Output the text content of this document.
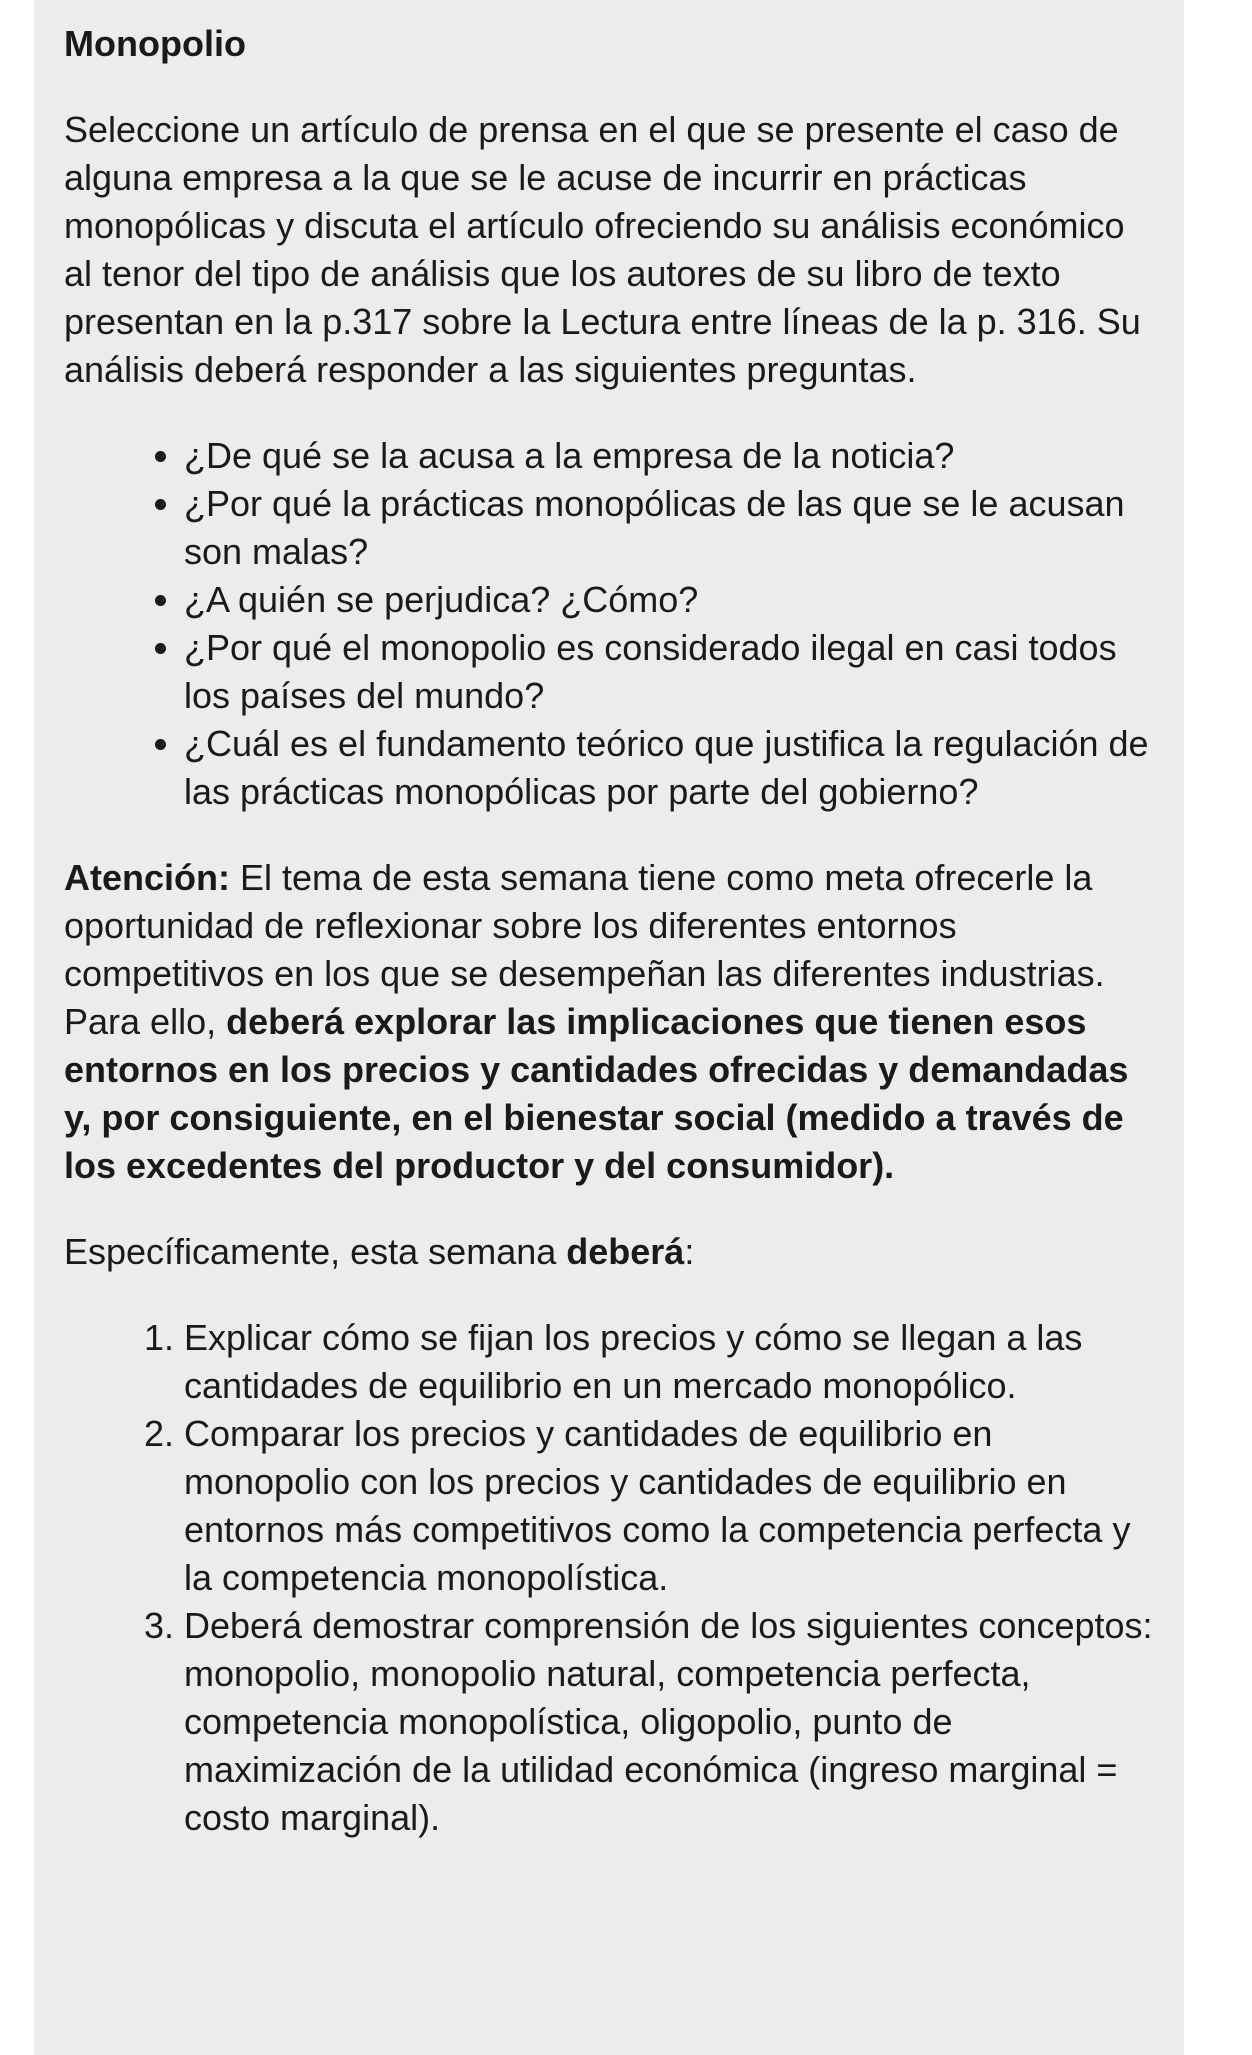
Monopolio

Seleccione un artículo de prensa en el que se presente el caso de alguna empresa a la que se le acuse de incurrir en prácticas monopólicas y discuta el artículo ofreciendo su análisis económico al tenor del tipo de análisis que los autores de su libro de texto presentan en la p.317 sobre la Lectura entre líneas de la p. 316. Su análisis deberá responder a las siguientes preguntas.

• ¿De qué se la acusa a la empresa de la noticia?
• ¿Por qué la prácticas monopólicas de las que se le acusan son malas?
• ¿A quién se perjudica? ¿Cómo?
• ¿Por qué el monopolio es considerado ilegal en casi todos los países del mundo?
• ¿Cuál es el fundamento teórico que justifica la regulación de las prácticas monopólicas por parte del gobierno?

Atención: El tema de esta semana tiene como meta ofrecerle la oportunidad de reflexionar sobre los diferentes entornos competitivos en los que se desempeñan las diferentes industrias. Para ello, deberá explorar las implicaciones que tienen esos entornos en los precios y cantidades ofrecidas y demandadas y, por consiguiente, en el bienestar social (medido a través de los excedentes del productor y del consumidor).

Específicamente, esta semana deberá:

1. Explicar cómo se fijan los precios y cómo se llegan a las cantidades de equilibrio en un mercado monopólico.
2. Comparar los precios y cantidades de equilibrio en monopolio con los precios y cantidades de equilibrio en entornos más competitivos como la competencia perfecta y la competencia monopolística.
3. Deberá demostrar comprensión de los siguientes conceptos: monopolio, monopolio natural, competencia perfecta, competencia monopolística, oligopolio, punto de maximización de la utilidad económica (ingreso marginal = costo marginal).
